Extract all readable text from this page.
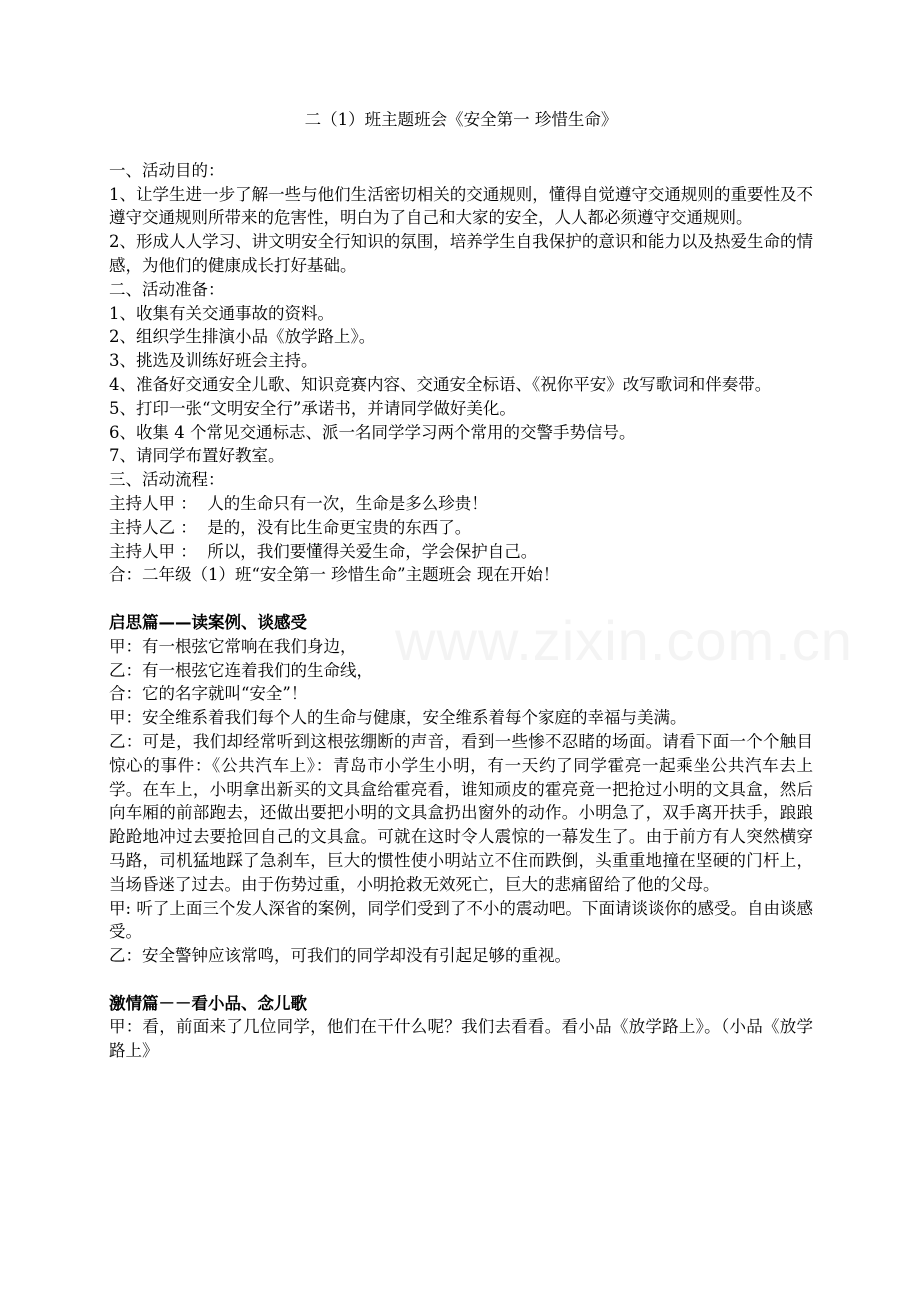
www.zixin.com.cn

二（1）班主题班会《安全第一 珍惜生命》

一、活动目的：

1、让学生进一步了解一些与他们生活密切相关的交通规则，懂得自觉遵守交通规则的重要性及不遵守交通规则所带来的危害性，明白为了自己和大家的安全，人人都必须遵守交通规则。

2、形成人人学习、讲文明安全行知识的氛围，培养学生自我保护的意识和能力以及热爱生命的情感，为他们的健康成长打好基础。

二、活动准备：

1、收集有关交通事故的资料。

2、组织学生排演小品《放学路上》。

3、挑选及训练好班会主持。

4、准备好交通安全儿歌、知识竞赛内容、交通安全标语、《祝你平安》改写歌词和伴奏带。

5、打印一张“文明安全行”承诺书，并请同学做好美化。

6、收集 4 个常见交通标志、派一名同学学习两个常用的交警手势信号。

7、请同学布置好教室。

三、活动流程：

主持人甲 ：  人的生命只有一次，生命是多么珍贵！

主持人乙 ：  是的，没有比生命更宝贵的东西了。

主持人甲 ：  所以，我们要懂得关爱生命，学会保护自己。

合：二年级（1）班“安全第一 珍惜生命”主题班会 现在开始！

启思篇——读案例、谈感受

甲：有一根弦它常响在我们身边，

乙：有一根弦它连着我们的生命线，

合：它的名字就叫“安全”！

甲：安全维系着我们每个人的生命与健康，安全维系着每个家庭的幸福与美满。

乙：可是，我们却经常听到这根弦绷断的声音，看到一些惨不忍睹的场面。请看下面一个个触目惊心的事件：《公共汽车上》：青岛市小学生小明，有一天约了同学霍亮一起乘坐公共汽车去上学。在车上，小明拿出新买的文具盒给霍亮看，谁知顽皮的霍亮竟一把抢过小明的文具盒，然后向车厢的前部跑去，还做出要把小明的文具盒扔出窗外的动作。小明急了，双手离开扶手，踉踉跄跄地冲过去要抢回自己的文具盒。可就在这时令人震惊的一幕发生了。由于前方有人突然横穿马路，司机猛地踩了急刹车，巨大的惯性使小明站立不住而跌倒，头重重地撞在坚硬的门杆上，当场昏迷了过去。由于伤势过重，小明抢救无效死亡，巨大的悲痛留给了他的父母。

甲: 听了上面三个发人深省的案例，同学们受到了不小的震动吧。下面请谈谈你的感受。自由谈感受。

乙：安全警钟应该常鸣，可我们的同学却没有引起足够的重视。

激情篇－－看小品、念儿歌

甲：看，前面来了几位同学，他们在干什么呢？我们去看看。看小品《放学路上》。（小品《放学路上》
